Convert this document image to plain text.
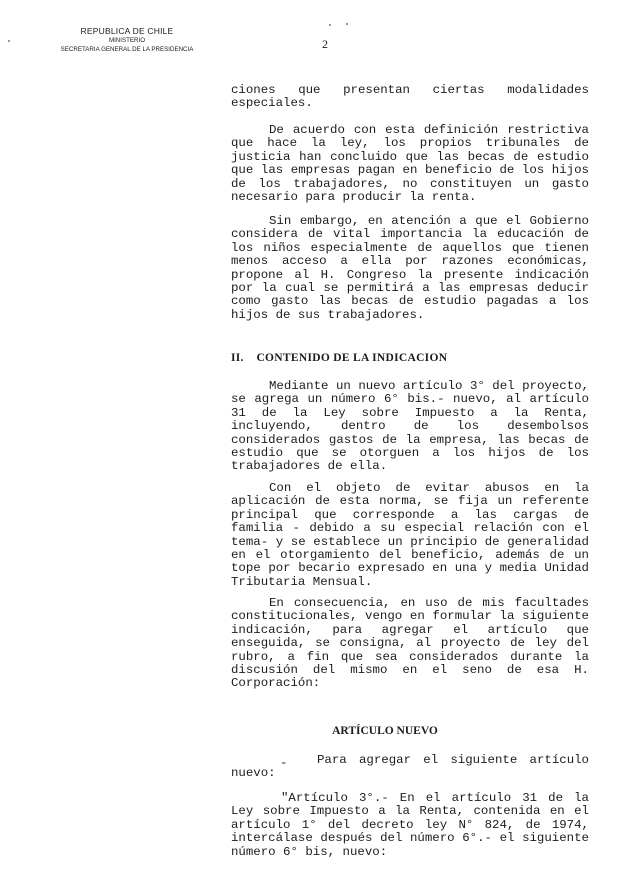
REPUBLICA DE CHILE
MINISTERIO
SECRETARIA GENERAL DE LA PRESIDENCIA	2
ciones que presentan ciertas modalidades especiales.
De acuerdo con esta definición restrictiva que hace la ley, los propios tribunales de justicia han concluido que las becas de estudio que las empresas pagan en beneficio de los hijos de los trabajadores, no constituyen un gasto necesario para producir la renta.
Sin embargo, en atención a que el Gobierno considera de vital importancia la educación de los niños especialmente de aquellos que tienen menos acceso a ella por razones económicas, propone al H. Congreso la presente indicación por la cual se permitirá a las empresas deducir como gasto las becas de estudio pagadas a los hijos de sus trabajadores.
II. CONTENIDO DE LA INDICACION
Mediante un nuevo artículo 3° del proyecto, se agrega un número 6° bis.- nuevo, al artículo 31 de la Ley sobre Impuesto a la Renta, incluyendo, dentro de los desembolsos considerados gastos de la empresa, las becas de estudio que se otorguen a los hijos de los trabajadores de ella.
Con el objeto de evitar abusos en la aplicación de esta norma, se fija un referente principal que corresponde a las cargas de familia - debido a su especial relación con el tema- y se establece un principio de generalidad en el otorgamiento del beneficio, además de un tope por becario expresado en una y media Unidad Tributaria Mensual.
En consecuencia, en uso de mis facultades constitucionales, vengo en formular la siguiente indicación, para agregar el artículo que enseguida, se consigna, al proyecto de ley del rubro, a fin que sea considerados durante la discusión del mismo en el seno de esa H. Corporación:
ARTÍCULO NUEVO
-	Para agregar el siguiente artículo nuevo:
"Artículo 3°.- En el artículo 31 de la Ley sobre Impuesto a la Renta, contenida en el artículo 1° del decreto ley N° 824, de 1974, intercálase después del número 6°.- el siguiente número 6° bis, nuevo:
